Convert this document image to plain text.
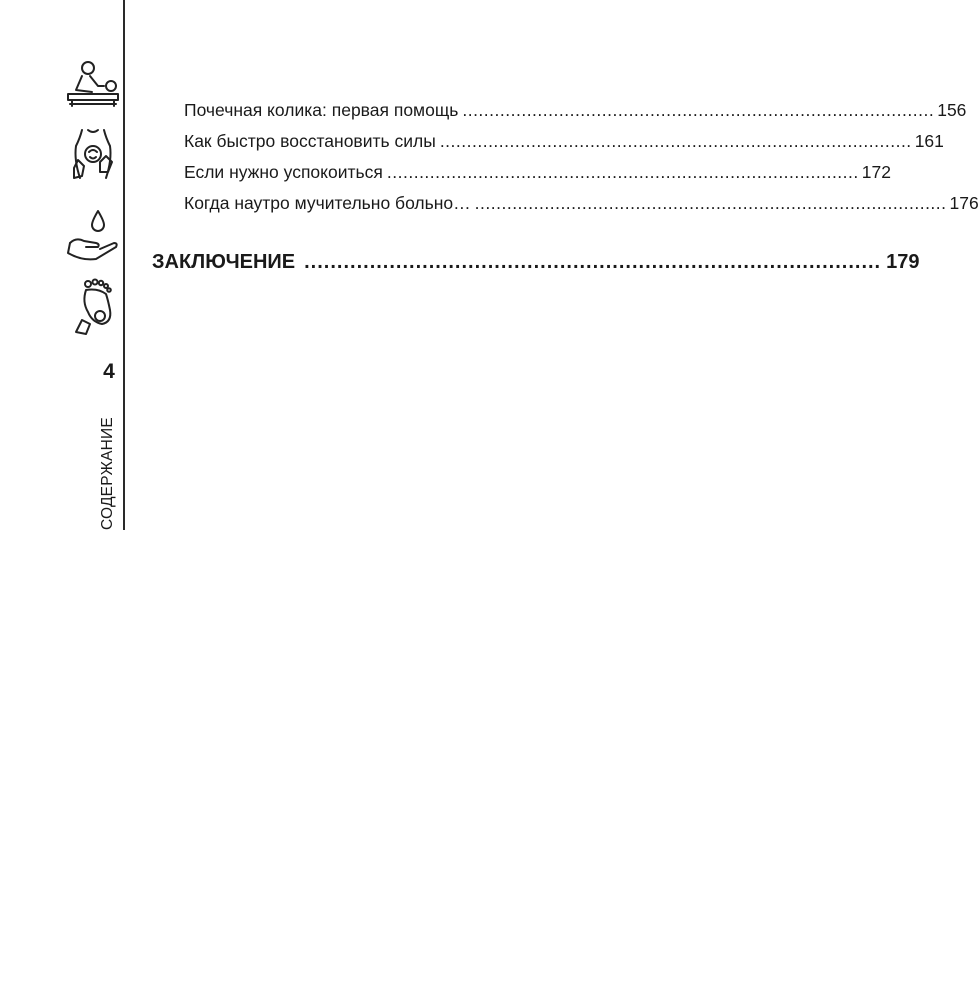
4
СОДЕРЖАНИЕ
Почечная колика: первая помощь ........................................................................................ 156
Как быстро восстановить силы ........................................................................................ 161
Если нужно успокоиться ........................................................................................ 172
Когда наутро мучительно больно… ........................................................................................ 176
ЗАКЛЮЧЕНИЕ ........................................................................................ 179
